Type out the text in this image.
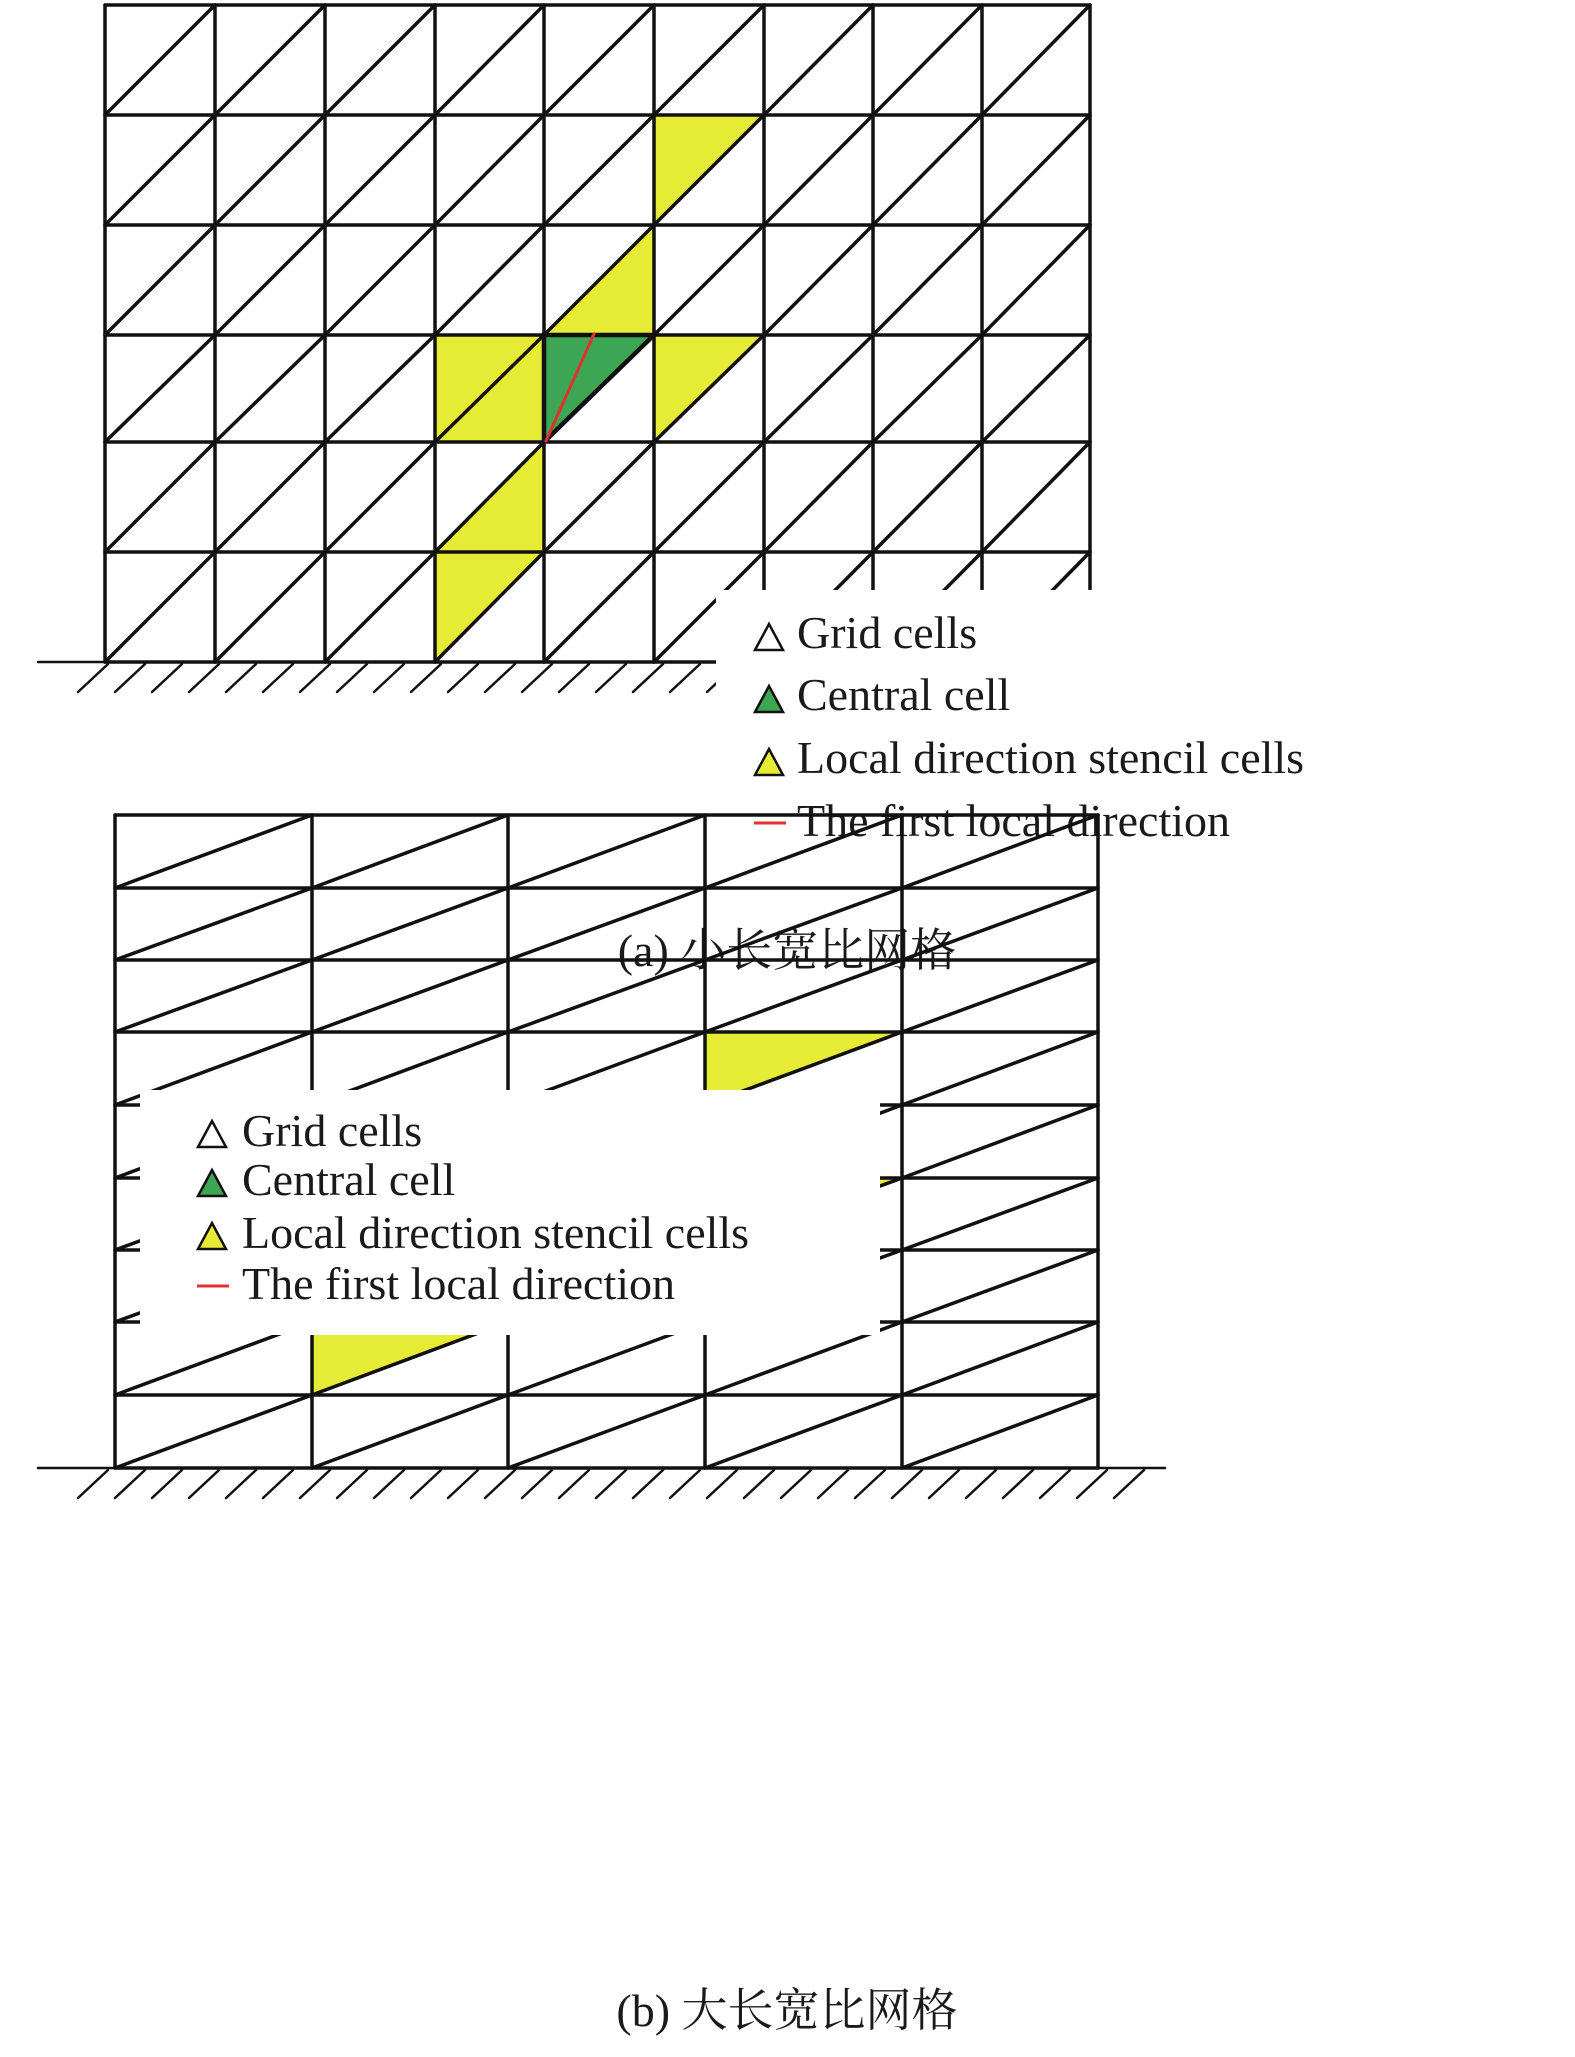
Grid cells
Central cell
Local direction stencil cells
The first local direction
(a) 小长宽比网格
Grid cells
Central cell
Local direction stencil cells
The first local direction
(b) 大长宽比网格
